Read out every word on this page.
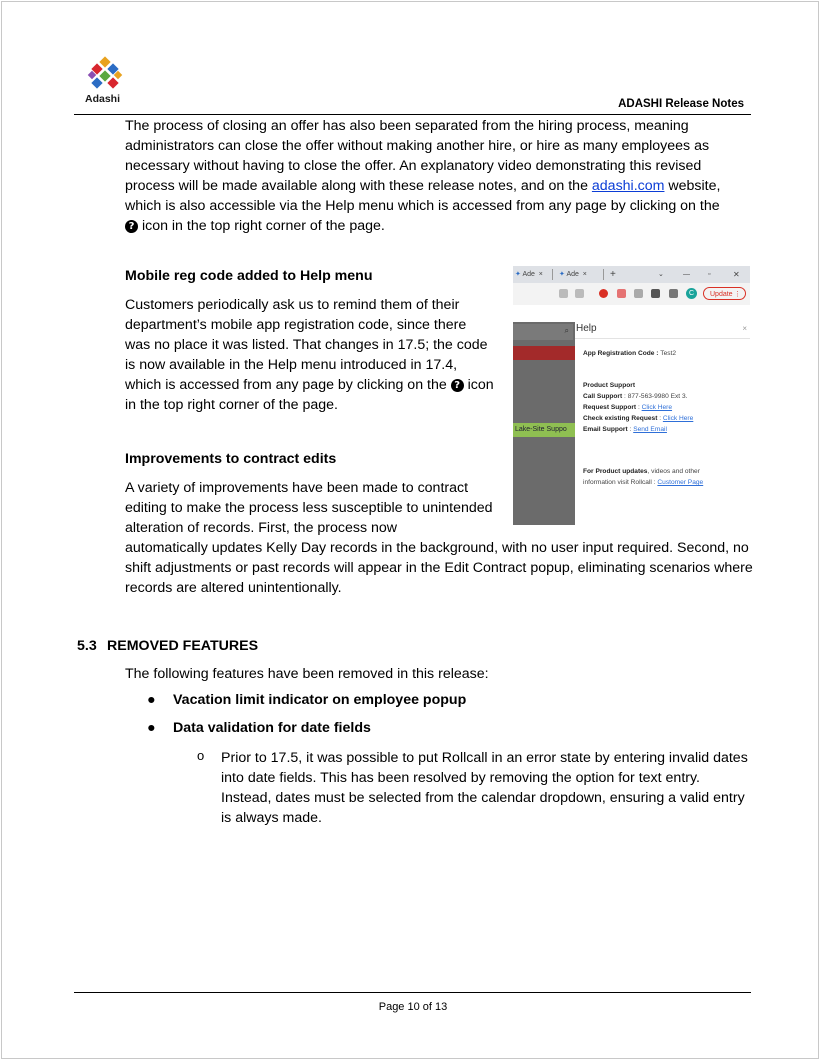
Adashi	ADASHI Release Notes
The process of closing an offer has also been separated from the hiring process, meaning administrators can close the offer without making another hire, or hire as many employees as necessary without having to close the offer. An explanatory video demonstrating this revised process will be made available along with these release notes, and on the adashi.com website, which is also accessible via the Help menu which is accessed from any page by clicking on the
? icon in the top right corner of the page.
Mobile reg code added to Help menu
Customers periodically ask us to remind them of their department’s mobile app registration code, since there was no place it was listed. That changes in 17.5; the code is now available in the Help menu introduced in 17.4, which is accessed from any page by clicking on the ? icon in the top right corner of the page.
Improvements to contract edits
A variety of improvements have been made to contract editing to make the process less susceptible to unintended alteration of records. First, the process now
automatically updates Kelly Day records in the background, with no user input required. Second, no shift adjustments or past records will appear in the Edit Contract popup, eliminating scenarios where records are altered unintentionally.
✦ Ade  × ✦ Ade  × +	⌄	—	▫	✕
C	Update ⋮
⌕
Lake-Site Suppo
Help	×
App Registration Code : Test2
Product Support
Call Support : 877-563-9980 Ext 3.
Request Support : Click Here
Check existing Request : Click Here
Email Support : Send Email
For Product updates, videos and other
information visit Rollcall : Customer Page
5.3 REMOVED FEATURES
The following features have been removed in this release:
● Vacation limit indicator on employee popup
● Data validation for date fields
o Prior to 17.5, it was possible to put Rollcall in an error state by entering invalid dates into date fields. This has been resolved by removing the option for text entry. Instead, dates must be selected from the calendar dropdown, ensuring a valid entry is always made.
Page 10 of 13
